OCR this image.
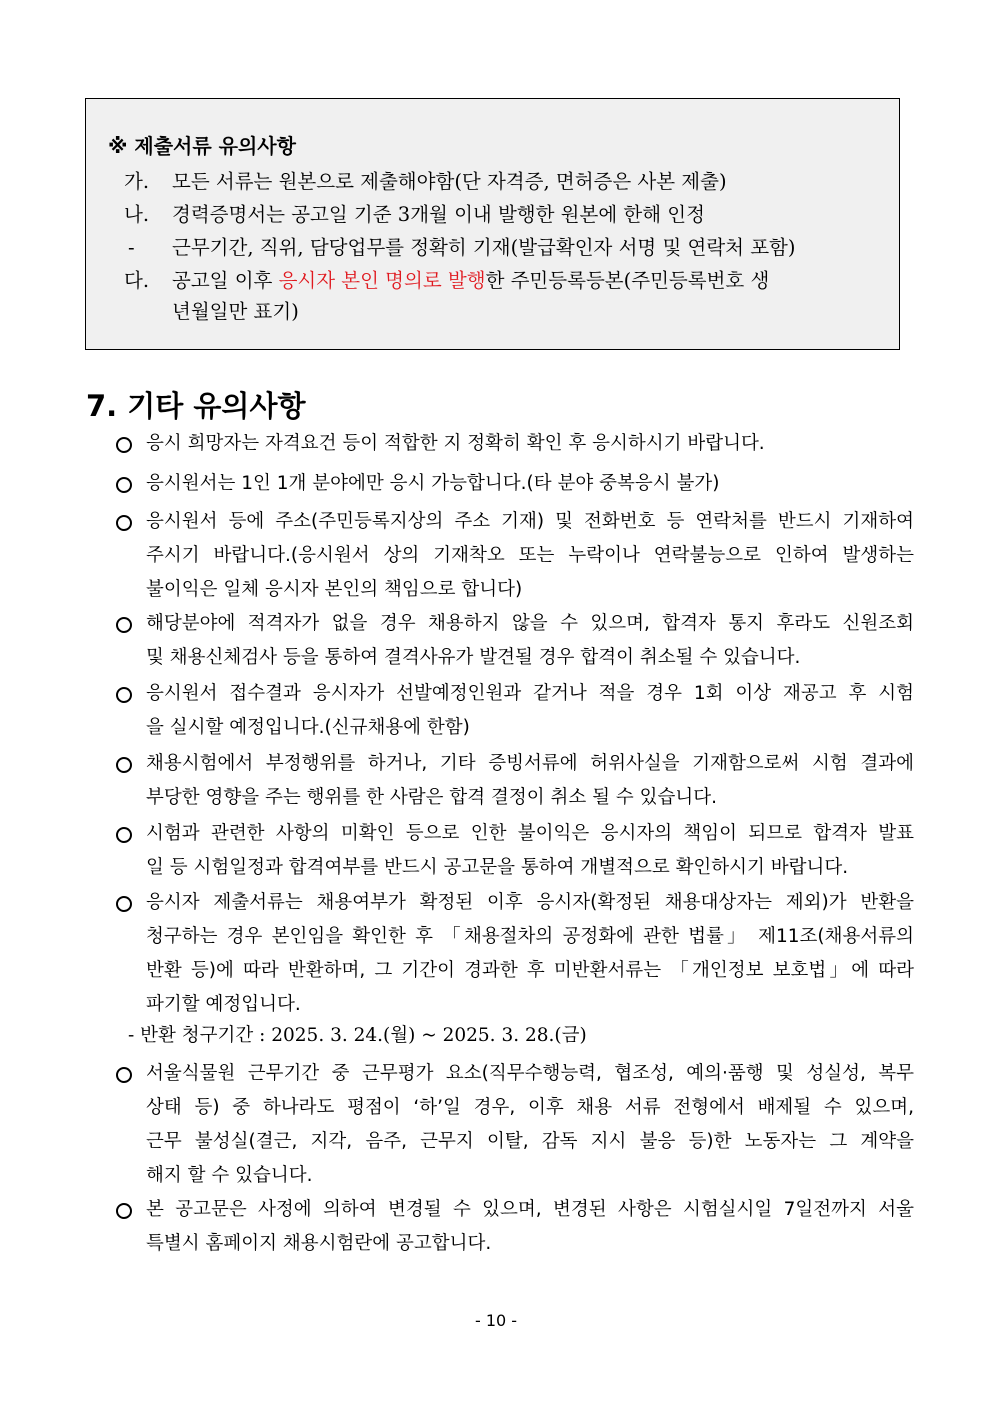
※ 제출서류 유의사항
가. 모든 서류는 원본으로 제출해야함(단 자격증, 면허증은 사본 제출)
나. 경력증명서는 공고일 기준 3개월 이내 발행한 원본에 한해 인정
- 근무기간, 직위, 담당업무를 정확히 기재(발급확인자 서명 및 연락처 포함)
다. 공고일 이후 응시자 본인 명의로 발행한 주민등록등본(주민등록번호 생
년월일만 표기)
7. 기타 유의사항
응시 희망자는 자격요건 등이 적합한 지 정확히 확인 후 응시하시기 바랍니다.
응시원서는 1인 1개 분야에만 응시 가능합니다.(타 분야 중복응시 불가)
응시원서 등에 주소(주민등록지상의 주소 기재) 및 전화번호 등 연락처를 반드시 기재하여
주시기 바랍니다.(응시원서 상의 기재착오 또는 누락이나 연락불능으로 인하여 발생하는
불이익은 일체 응시자 본인의 책임으로 합니다)
해당분야에 적격자가 없을 경우 채용하지 않을 수 있으며, 합격자 통지 후라도 신원조회
및 채용신체검사 등을 통하여 결격사유가 발견될 경우 합격이 취소될 수 있습니다.
응시원서 접수결과 응시자가 선발예정인원과 같거나 적을 경우 1회 이상 재공고 후 시험
을 실시할 예정입니다.(신규채용에 한함)
채용시험에서 부정행위를 하거나, 기타 증빙서류에 허위사실을 기재함으로써 시험 결과에
부당한 영향을 주는 행위를 한 사람은 합격 결정이 취소 될 수 있습니다.
시험과 관련한 사항의 미확인 등으로 인한 불이익은 응시자의 책임이 되므로 합격자 발표
일 등 시험일정과 합격여부를 반드시 공고문을 통하여 개별적으로 확인하시기 바랍니다.
응시자 제출서류는 채용여부가 확정된 이후 응시자(확정된 채용대상자는 제외)가 반환을
청구하는 경우 본인임을 확인한 후 「채용절차의 공정화에 관한 법률」 제11조(채용서류의
반환 등)에 따라 반환하며, 그 기간이 경과한 후 미반환서류는 「개인정보 보호법」에 따라
파기할 예정입니다.
- 반환 청구기간 : 2025. 3. 24.(월) ~ 2025. 3. 28.(금)
서울식물원 근무기간 중 근무평가 요소(직무수행능력, 협조성, 예의·품행 및 성실성, 복무
상태 등) 중 하나라도 평점이 ‘하’일 경우, 이후 채용 서류 전형에서 배제될 수 있으며,
근무 불성실(결근, 지각, 음주, 근무지 이탈, 감독 지시 불응 등)한 노동자는 그 계약을
해지 할 수 있습니다.
본 공고문은 사정에 의하여 변경될 수 있으며, 변경된 사항은 시험실시일 7일전까지 서울
특별시 홈페이지 채용시험란에 공고합니다.
- 10 -
